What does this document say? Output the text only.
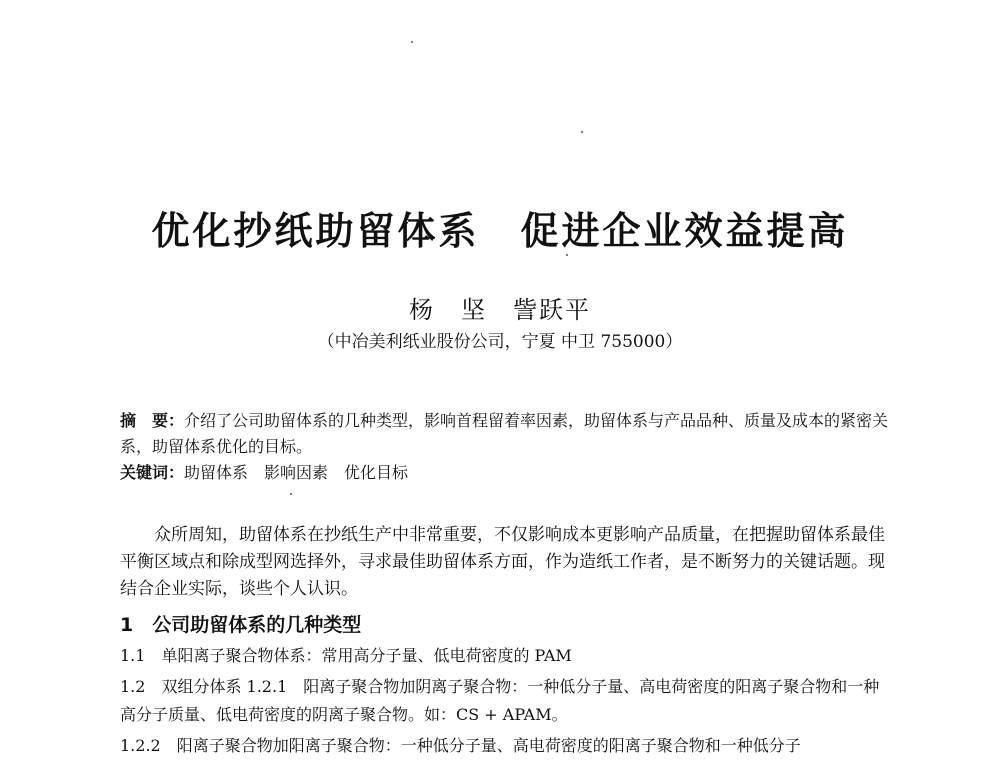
优化抄纸助留体系　促进企业效益提高
杨　坚　訾跃平
（中冶美利纸业股份公司，宁夏 中卫 755000）

摘　要：介绍了公司助留体系的几种类型，影响首程留着率因素，助留体系与产品品种、质量及成本的紧密关系，助留体系优化的目标。

关键词：助留体系　影响因素　优化目标

众所周知，助留体系在抄纸生产中非常重要，不仅影响成本更影响产品质量，在把握助留体系最佳平衡区域点和除成型网选择外，寻求最佳助留体系方面，作为造纸工作者，是不断努力的关键话题。现结合企业实际，谈些个人认识。

1　公司助留体系的几种类型

1.1　单阳离子聚合物体系：常用高分子量、低电荷密度的 PAM

1.2　双组分体系 1.2.1　阳离子聚合物加阴离子聚合物：一种低分子量、高电荷密度的阳离子聚合物和一种高分子质量、低电荷密度的阴离子聚合物。如：CS + APAM。

1.2.2　阳离子聚合物加阳离子聚合物：一种低分子量、高电荷密度的阳离子聚合物和一种低分子
